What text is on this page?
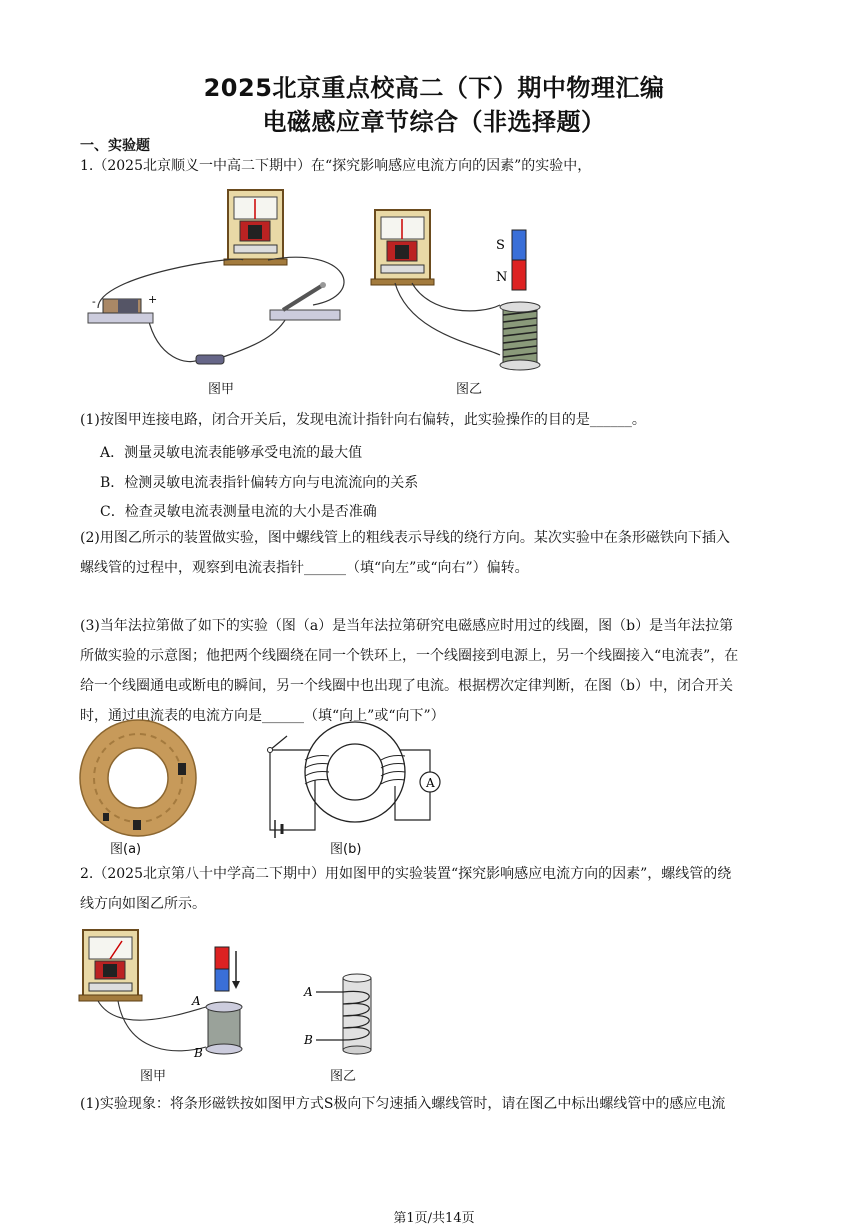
2025北京重点校高二（下）期中物理汇编
电磁感应章节综合（非选择题）
一、实验题
1.（2025北京顺义一中高二下期中）在“探究影响感应电流方向的因素”的实验中，
-	+
图甲
S
N
图乙
(1)按图甲连接电路，闭合开关后，发现电流计指针向右偏转，此实验操作的目的是______。
A．测量灵敏电流表能够承受电流的最大值
B．检测灵敏电流表指针偏转方向与电流流向的关系
C．检查灵敏电流表测量电流的大小是否准确
(2)用图乙所示的装置做实验，图中螺线管上的粗线表示导线的绕行方向。某次实验中在条形磁铁向下插入
螺线管的过程中，观察到电流表指针______（填“向左”或“向右”）偏转。
(3)当年法拉第做了如下的实验（图（a）是当年法拉第研究电磁感应时用过的线圈，图（b）是当年法拉第
所做实验的示意图；他把两个线圈绕在同一个铁环上，一个线圈接到电源上，另一个线圈接入“电流表”，在
给一个线圈通电或断电的瞬间，另一个线圈中也出现了电流。根据楞次定律判断，在图（b）中，闭合开关
时，通过电流表的电流方向是______（填“向上”或“向下”）
图(a)
A
图(b)
2.（2025北京第八十中学高二下期中）用如图甲的实验装置“探究影响感应电流方向的因素”，螺线管的绕
线方向如图乙所示。
A
B
图甲
A
B
图乙
(1)实验现象：将条形磁铁按如图甲方式S极向下匀速插入螺线管时，请在图乙中标出螺线管中的感应电流
第1页/共14页
